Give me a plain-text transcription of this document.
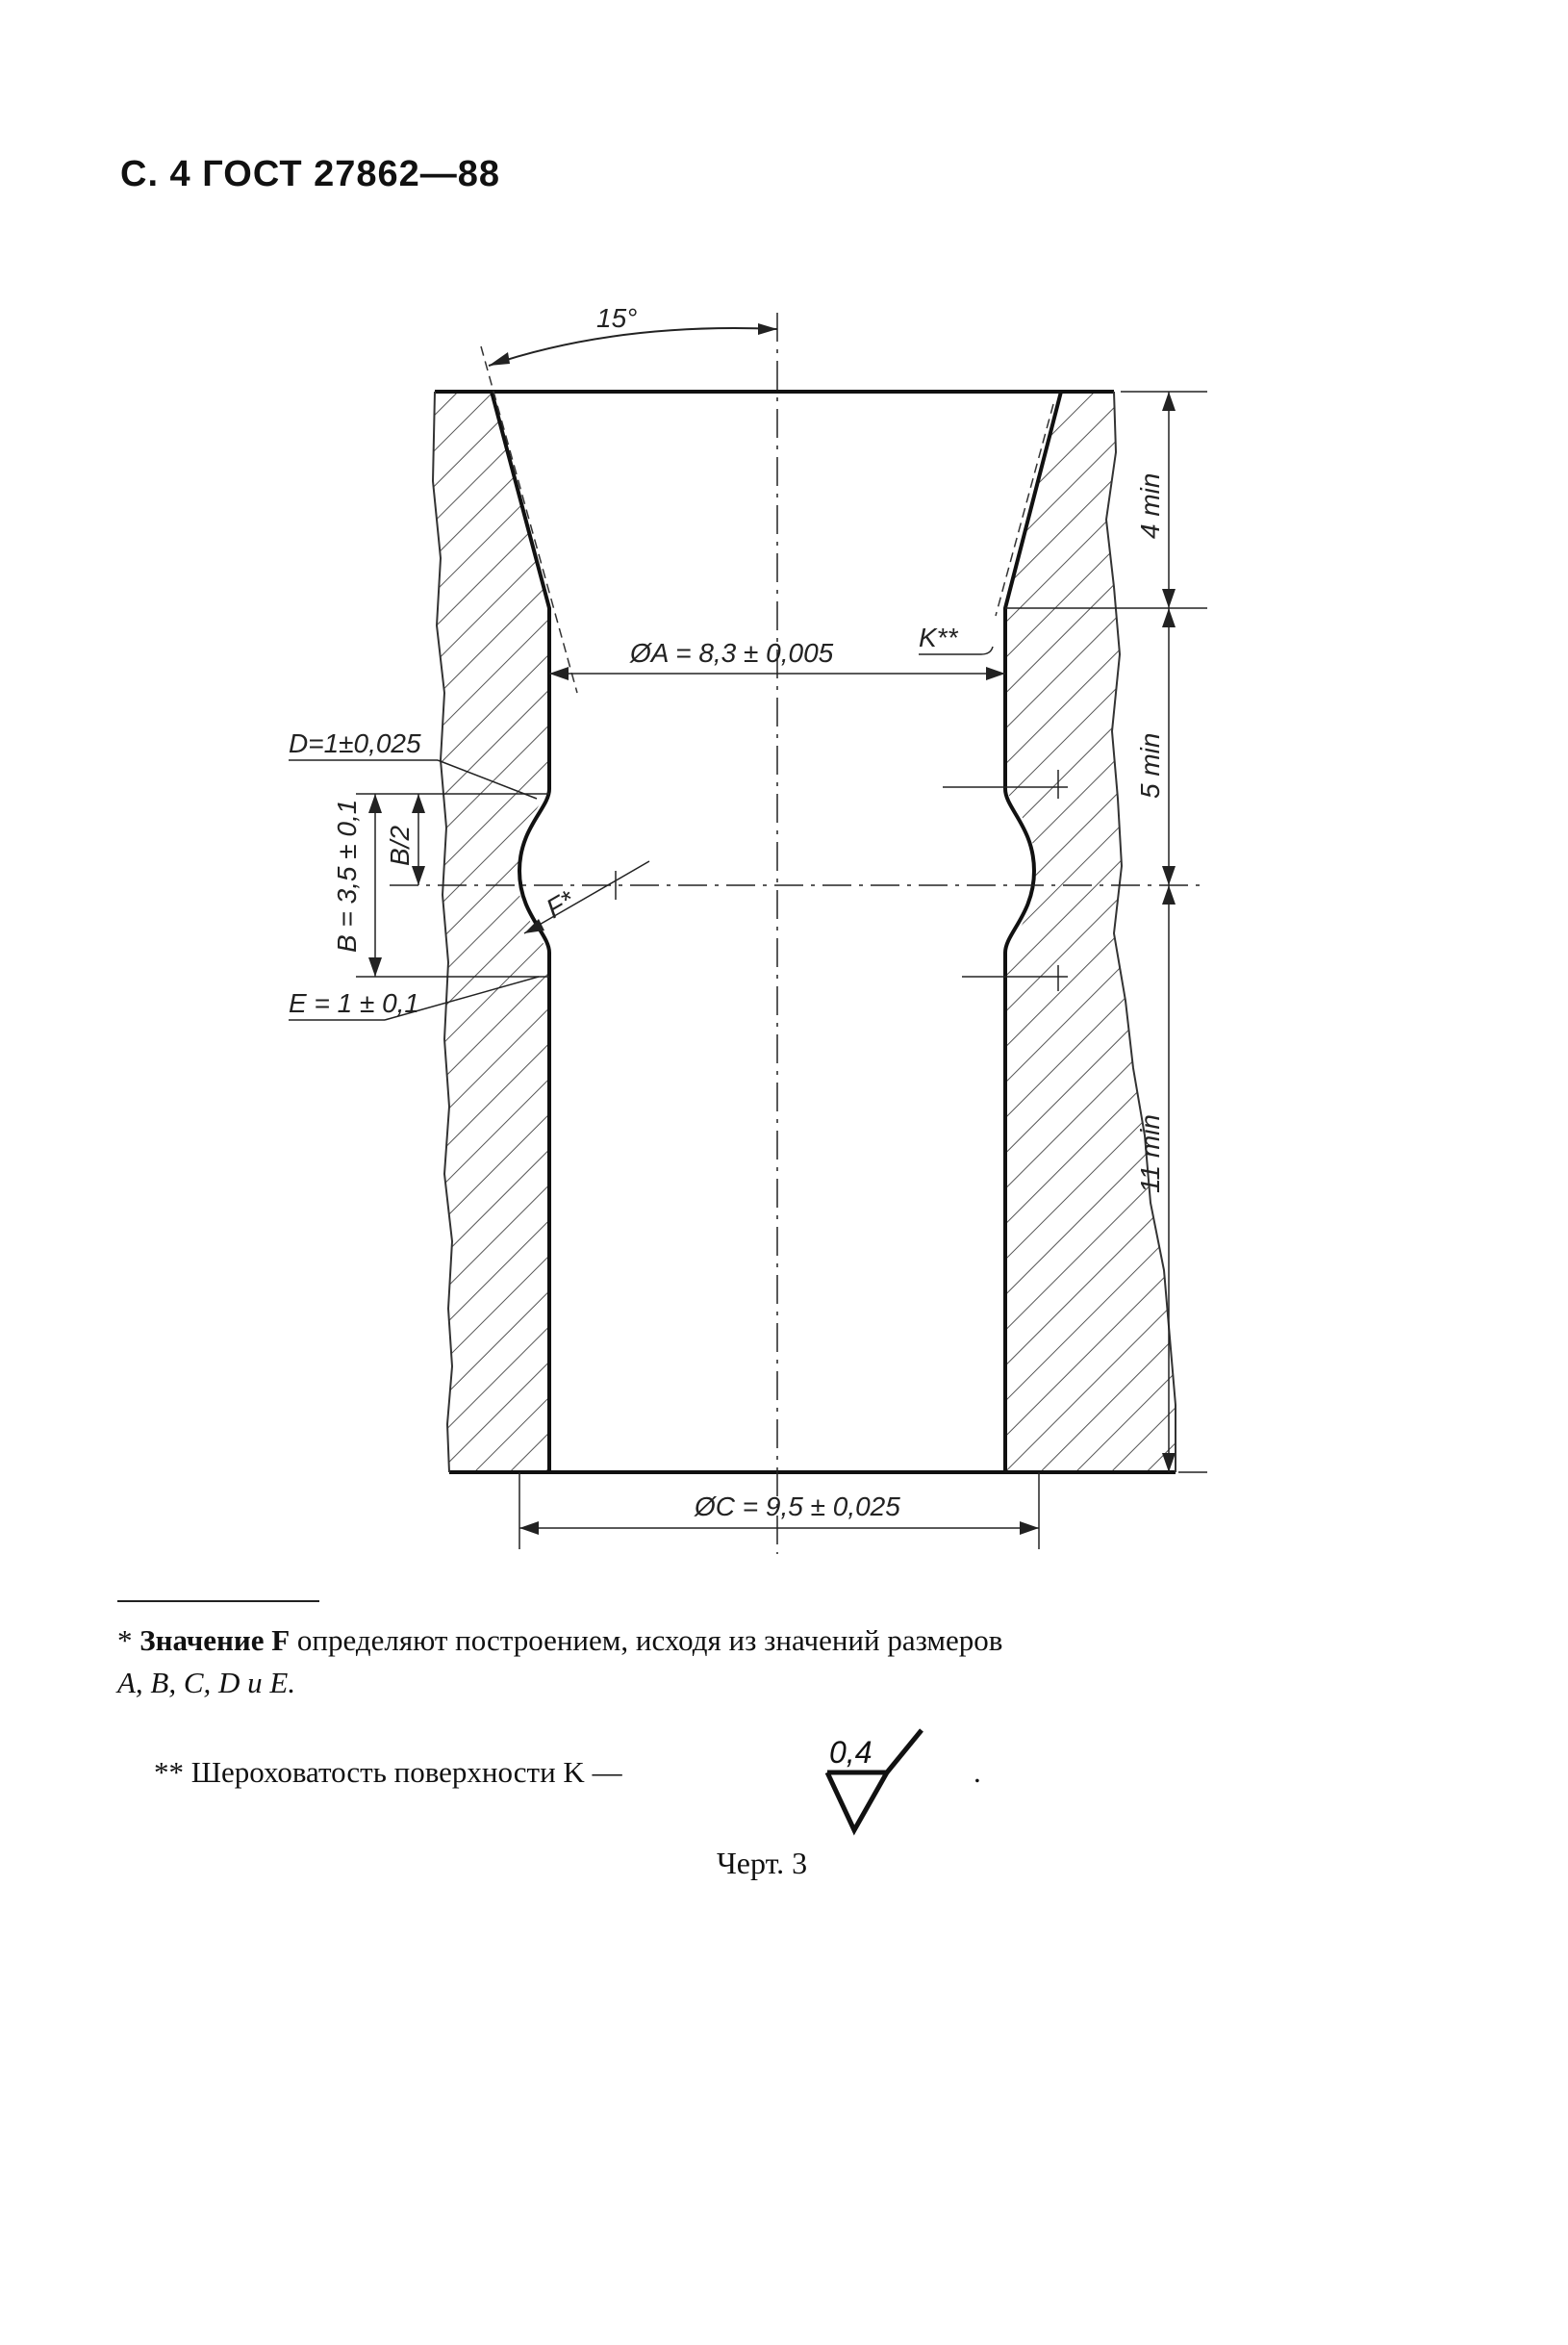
С. 4 ГОСТ 27862—88
15°
4 min
5 min
11 min
ØA = 8,3 ± 0,005
K**
ØC = 9,5 ± 0,025
B = 3,5 ± 0,1 B/2
D=1±0,025
E = 1 ± 0,1
F*
* Значение F определяют построением, исходя из значений размеров
A, B, C, D и E.
** Шероховатость поверхности K —
0,4
.
Черт. 3
